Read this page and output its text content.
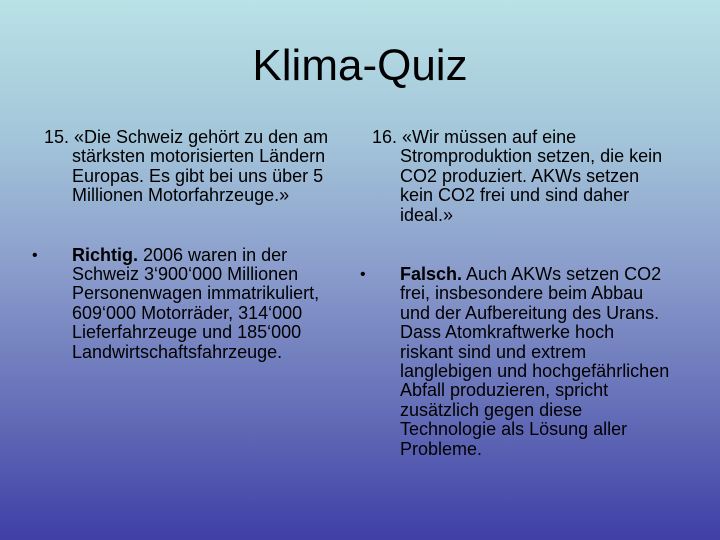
Klima-Quiz

15. «Die Schweiz gehört zu den am stärksten motorisierten Ländern Europas. Es gibt bei uns über 5 Millionen Motorfahrzeuge.»

• Richtig. 2006 waren in der Schweiz 3‘900‘000 Millionen Personenwagen immatrikuliert, 609‘000 Motorräder, 314‘000 Lieferfahrzeuge und 185‘000 Landwirtschaftsfahrzeuge.

16. «Wir müssen auf eine Stromproduktion setzen, die kein CO2 produziert. AKWs setzen kein CO2 frei und sind daher ideal.»

• Falsch. Auch AKWs setzen CO2 frei, insbesondere beim Abbau und der Aufbereitung des Urans. Dass Atomkraftwerke hoch riskant sind und extrem langlebigen und hochgefährlichen Abfall produzieren, spricht zusätzlich gegen diese Technologie als Lösung aller Probleme.
